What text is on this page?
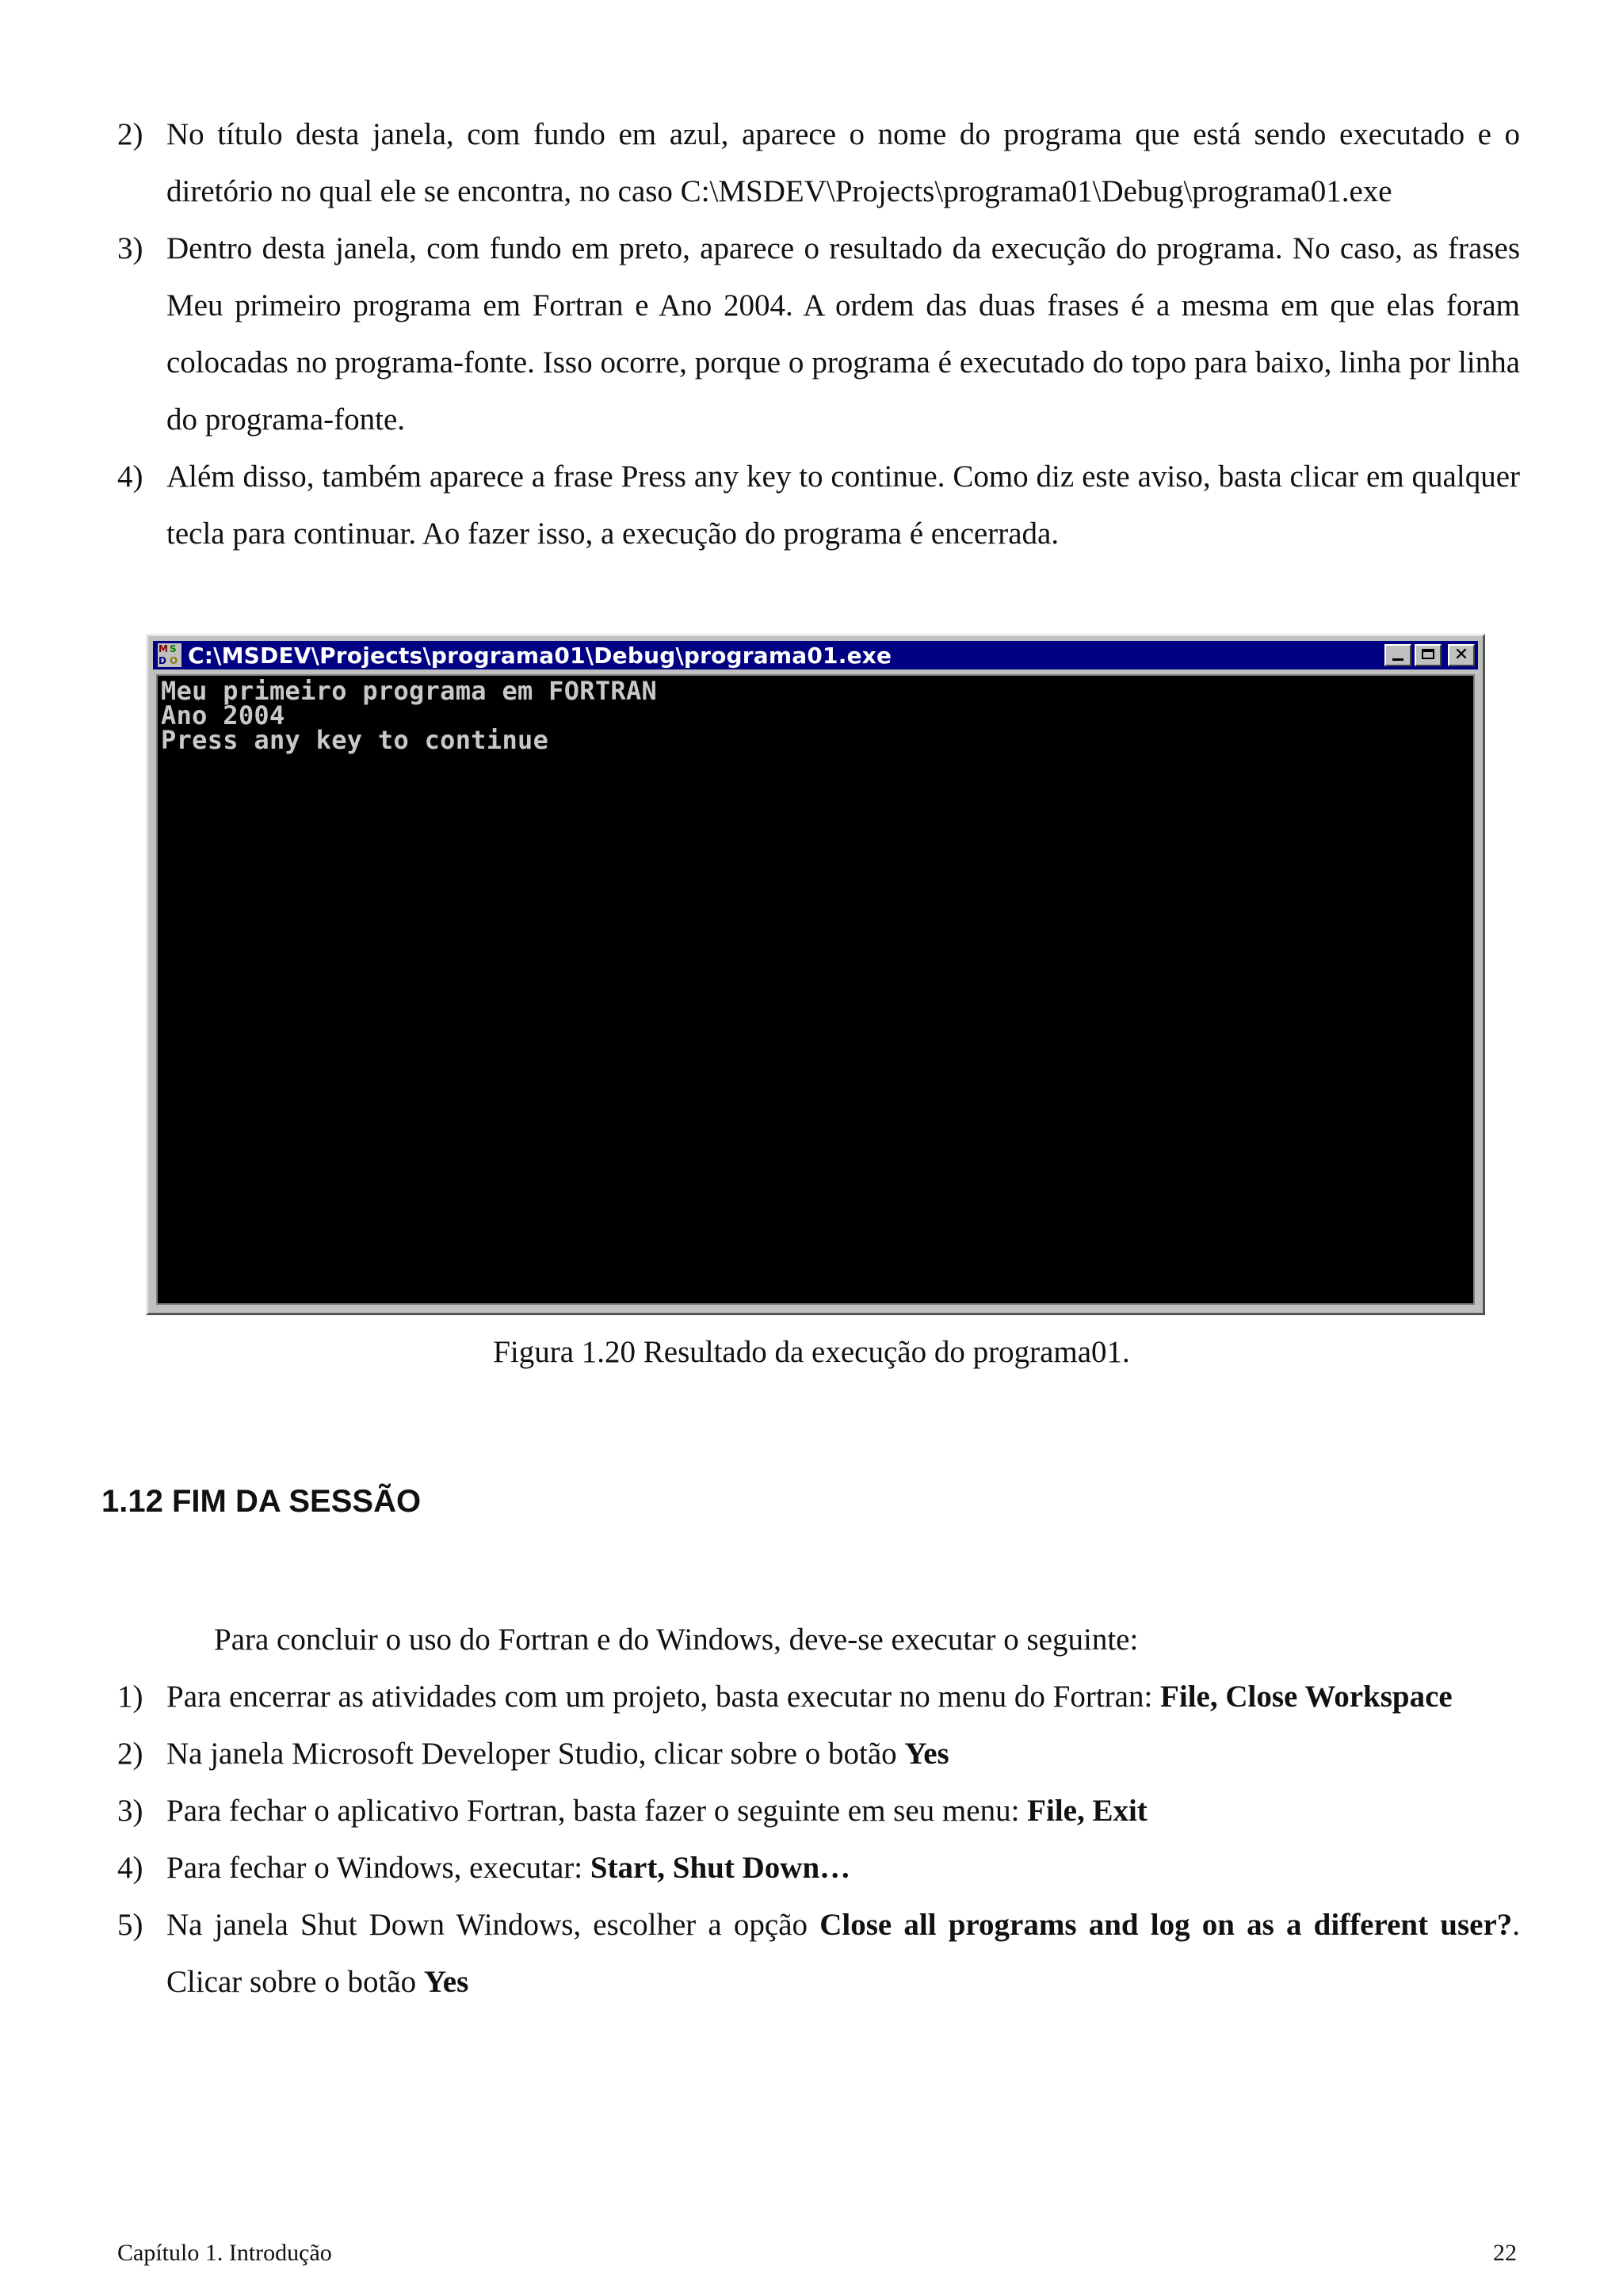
2) No título desta janela, com fundo em azul, aparece o nome do programa que está sendo executado e o diretório no qual ele se encontra, no caso C:\MSDEV\Projects\programa01\Debug\programa01.exe
3) Dentro desta janela, com fundo em preto, aparece o resultado da execução do programa. No caso, as frases Meu primeiro programa em Fortran e Ano 2004. A ordem das duas frases é a mesma em que elas foram colocadas no programa-fonte. Isso ocorre, porque o programa é executado do topo para baixo, linha por linha do programa-fonte.
4) Além disso, também aparece a frase Press any key to continue. Como diz este aviso, basta clicar em qualquer tecla para continuar. Ao fazer isso, a execução do programa é encerrada.
M S
D O C:\MSDEV\Projects\programa01\Debug\programa01.exe	✕
Meu primeiro programa em FORTRAN
Ano 2004
Press any key to continue
Figura 1.20 Resultado da execução do programa01.
1.12 FIM DA SESSÃO

Para concluir o uso do Fortran e do Windows, deve-se executar o seguinte:

1) Para encerrar as atividades com um projeto, basta executar no menu do Fortran: File, Close Workspace
2) Na janela Microsoft Developer Studio, clicar sobre o botão Yes
3) Para fechar o aplicativo Fortran, basta fazer o seguinte em seu menu: File, Exit
4) Para fechar o Windows, executar: Start, Shut Down…
5) Na janela Shut Down Windows, escolher a opção Close all programs and log on as a different user?. Clicar sobre o botão Yes
Capítulo 1. Introdução	22
